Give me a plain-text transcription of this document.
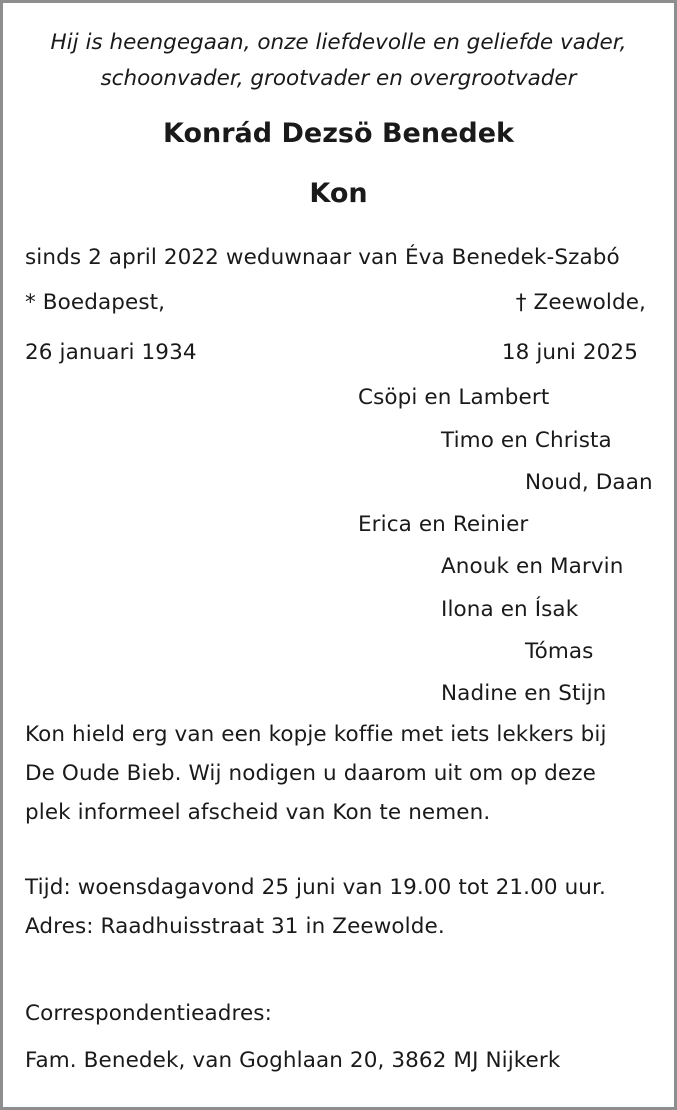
Hij is heengegaan, onze liefdevolle en geliefde vader,
schoonvader, grootvader en overgrootvader
Konrád Dezsö Benedek
Kon
sinds 2 april 2022 weduwnaar van Éva Benedek-Szabó
* Boedapest,	† Zeewolde,
26 januari 1934	18 juni 2025
Csöpi en Lambert
Timo en Christa
Noud, Daan
Erica en Reinier
Anouk en Marvin
Ilona en Ísak
Tómas
Nadine en Stijn
Kon hield erg van een kopje koffie met iets lekkers bij
De Oude Bieb. Wij nodigen u daarom uit om op deze
plek informeel afscheid van Kon te nemen.
Tijd: woensdagavond 25 juni van 19.00 tot 21.00 uur.
Adres: Raadhuisstraat 31 in Zeewolde.
Correspondentieadres:
Fam. Benedek, van Goghlaan 20, 3862 MJ Nijkerk
